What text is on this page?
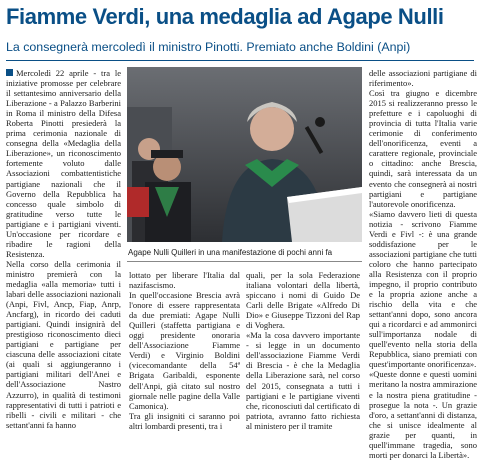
Fiamme Verdi, una medaglia ad Agape Nulli
La consegnerà mercoledì il ministro Pinotti. Premiato anche Boldini (Anpi)

Mercoledì 22 aprile - tra le iniziative promosse per celebrare il settantesimo anniversario della Liberazione - a Palazzo Barberini in Roma il ministro della Difesa Roberta Pinotti presiederà la prima cerimonia nazionale di consegna della «Medaglia della Liberazione», un riconoscimento fortemente voluto dalle Associazioni combattentistiche partigiane nazionali che il Governo della Repubblica ha concesso quale simbolo di gratitudine verso tutte le partigiane e i partigiani viventi. Un'occasione per ricordare e ribadire le ragioni della Resistenza.

Nella corso della cerimonia il ministro premierà con la medaglia «alla memoria» tutti i labari delle associazioni nazionali (Anpi, Fivl, Ancp, Fiap, Anrp, Ancfarg), in ricordo dei caduti partigiani. Quindi insignirà del prestigioso riconoscimento dieci partigiani e partigiane per ciascuna delle associazioni citate (ai quali si aggiungeranno i partigiani militari dell'Anei e dell'Associazione Nastro Azzurro), in qualità di testimoni rappresentativi di tutti i patrioti e ribelli - civili e militari - che settant'anni fa hanno

Agape Nulli Quilleri in una manifestazione di pochi anni fa

lottato per liberare l'Italia dal nazifascismo.

In quell'occasione Brescia avrà l'onore di essere rappresentata da due premiati: Agape Nulli Quilleri (staffetta partigiana e oggi presidente onoraria dell'Associazione Fiamme Verdi) e Virginio Boldini (vicecomandante della 54ª Brigata Garibaldi, esponente dell'Anpi, già citato sul nostro giornale nelle pagine della Valle Camonica).

Tra gli insigniti ci saranno poi altri lombardi presenti, tra i

quali, per la sola Federazione italiana volontari della libertà, spiccano i nomi di Guido De Carli delle Brigate «Alfredo Di Dio» e Giuseppe Tizzoni del Rap di Voghera.

«Ma la cosa davvero importante - si legge in un documento dell'associazione Fiamme Verdi di Brescia - è che la Medaglia della Liberazione sarà, nel corso del 2015, consegnata a tutti i partigiani e le partigiane viventi che, riconosciuti dal certificato di patriota, avranno fatto richiesta al ministero per il tramite

delle associazioni partigiane di riferimento».

Così tra giugno e dicembre 2015 si realizzeranno presso le prefetture e i capoluoghi di provincia di tutta l'Italia varie cerimonie di conferimento dell'onorificenza, eventi a carattere regionale, provinciale o cittadino: anche Brescia, quindi, sarà interessata da un evento che consegnerà ai nostri partigiani e partigiane l'autorevole onorificenza.

«Siamo davvero lieti di questa notizia - scrivono Fiamme Verdi e Fivl -: è una grande soddisfazione per le associazioni partigiane che tutti coloro che hanno partecipato alla Resistenza con il proprio impegno, il proprio contributo e la propria azione anche a rischio della vita e che settant'anni dopo, sono ancora qui a ricordarci e ad ammonirci sull'importanza nodale di quell'evento nella storia della Repubblica, siano premiati con quest'importante onorificenza».

«Queste donne e questi uomini meritano la nostra ammirazione e la nostra piena gratitudine - prosegue la nota -. Un grazie d'oro, a settant'anni di distanza, che si unisce idealmente al grazie per quanti, in quell'immane tragedia, sono morti per donarci la Libertà».
